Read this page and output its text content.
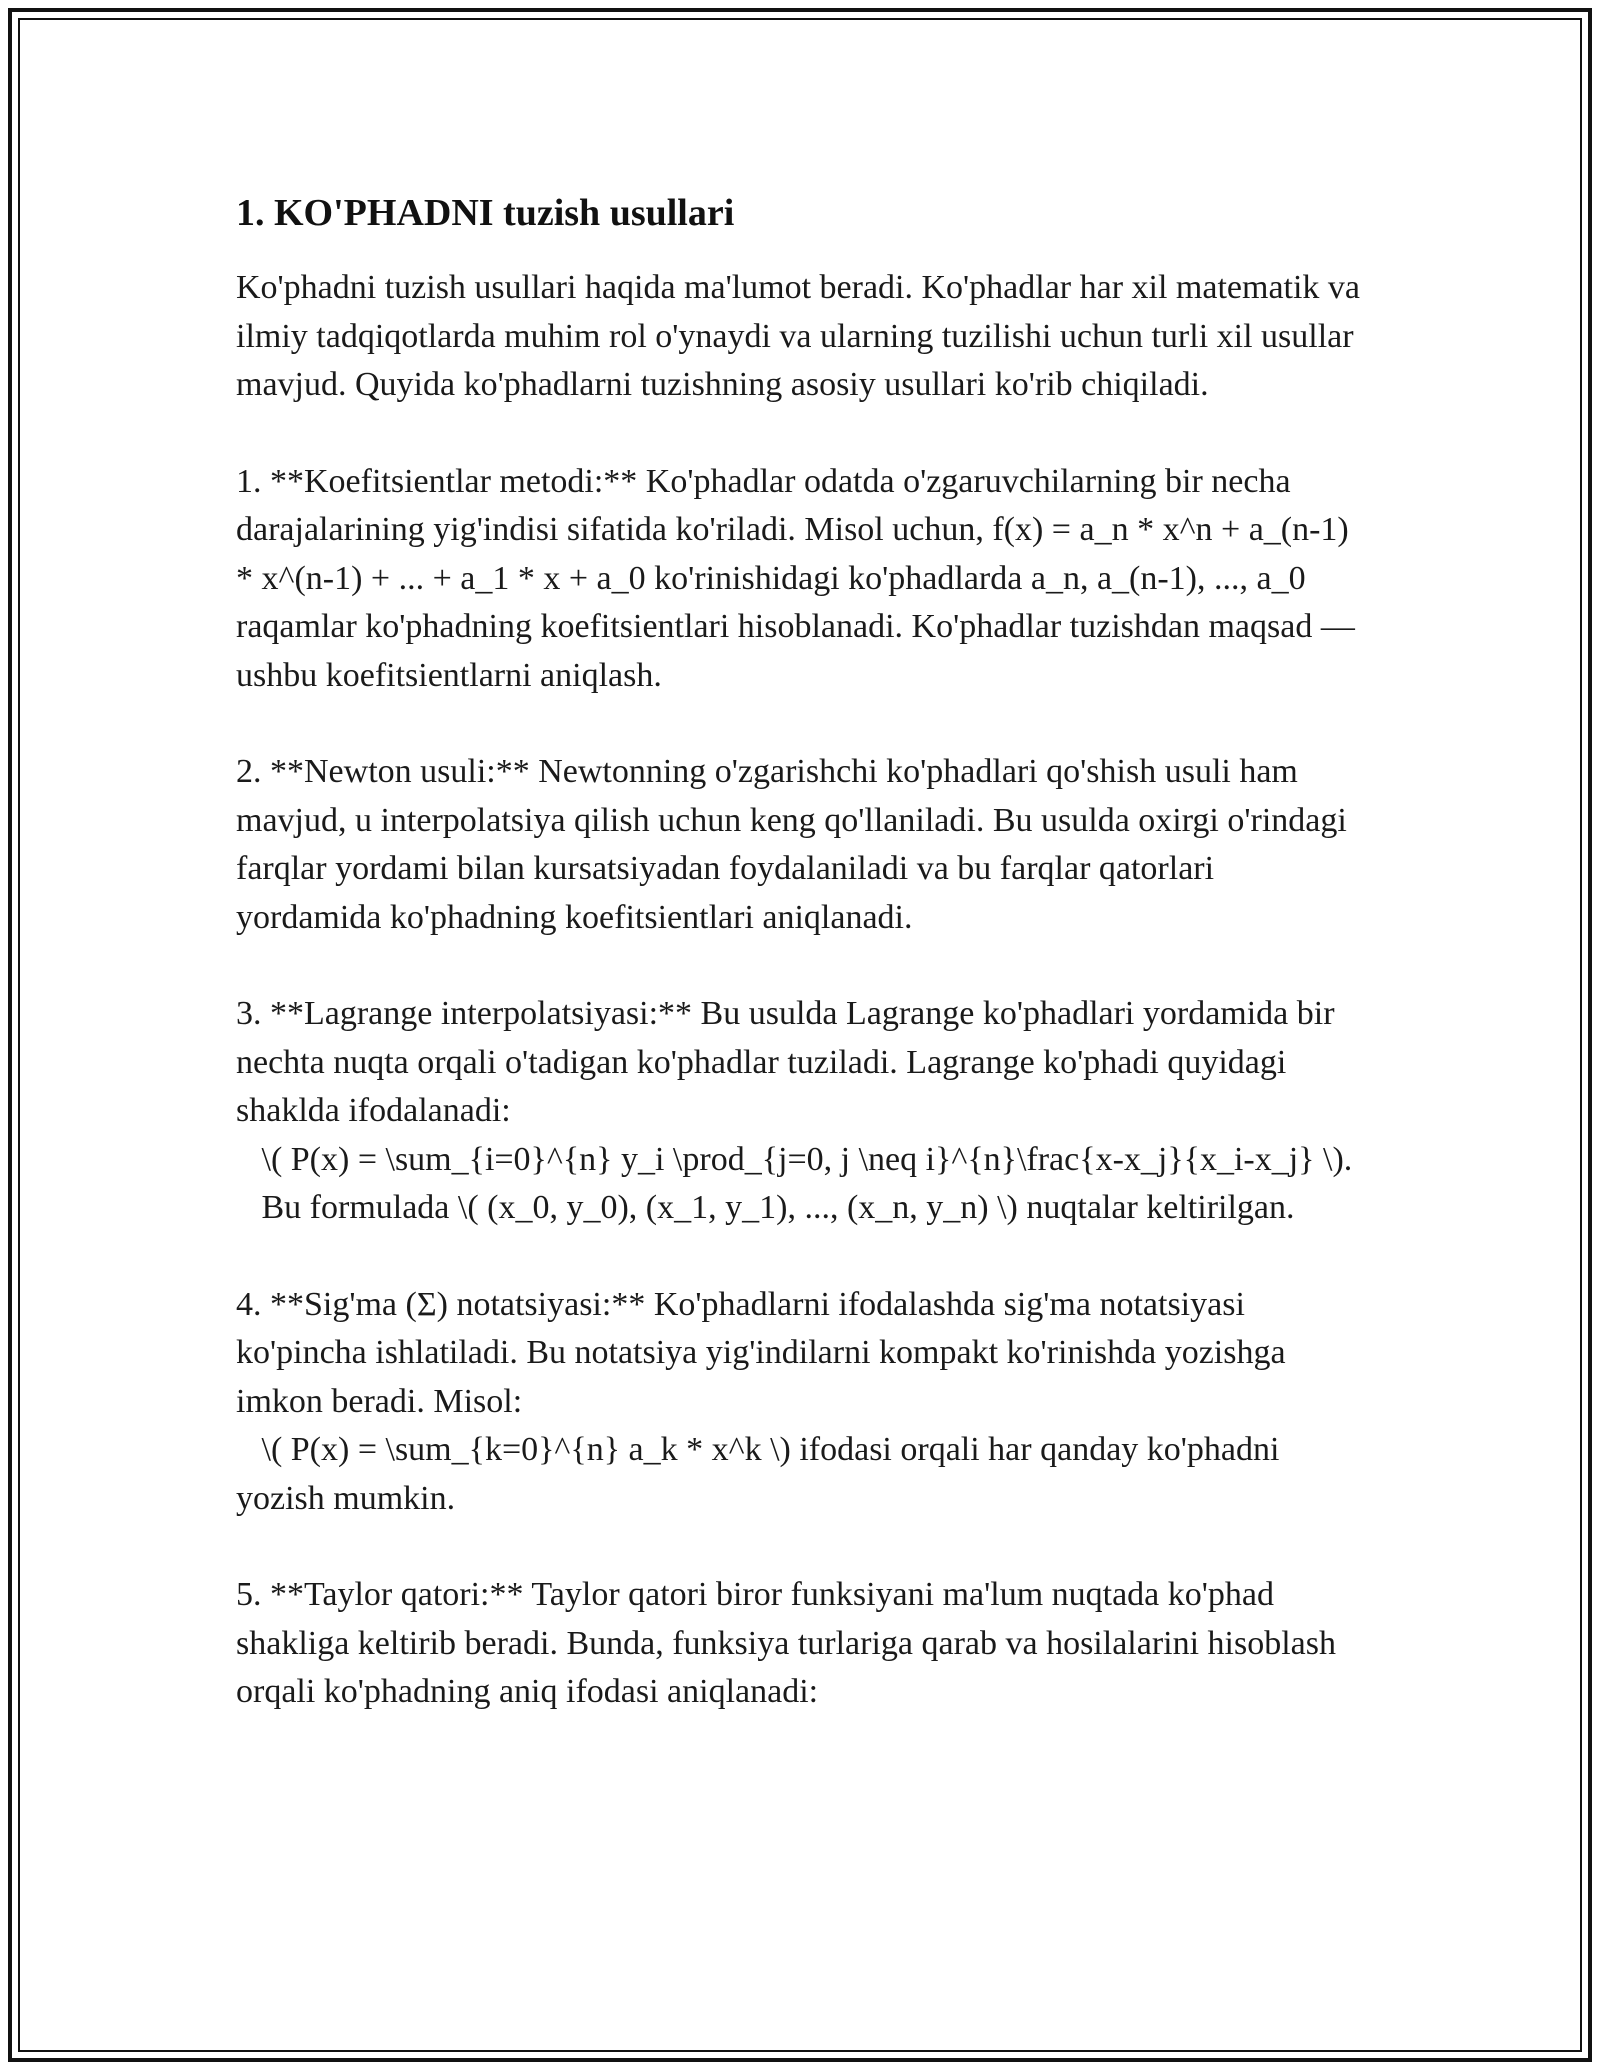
1. KO'PHADNI tuzish usullari

Ko'phadni tuzish usullari haqida ma'lumot beradi. Ko'phadlar har xil matematik va ilmiy tadqiqotlarda muhim rol o'ynaydi va ularning tuzilishi uchun turli xil usullar mavjud. Quyida ko'phadlarni tuzishning asosiy usullari ko'rib chiqiladi.

1. **Koefitsientlar metodi:** Ko'phadlar odatda o'zgaruvchilarning bir necha darajalarining yig'indisi sifatida ko'riladi. Misol uchun, f(x) = a_n * x^n + a_(n-1) * x^(n-1) + ... + a_1 * x + a_0 ko'rinishidagi ko'phadlarda a_n, a_(n-1), ..., a_0 raqamlar ko'phadning koefitsientlari hisoblanadi. Ko'phadlar tuzishdan maqsad — ushbu koefitsientlarni aniqlash.

2. **Newton usuli:** Newtonning o'zgarishchi ko'phadlari qo'shish usuli ham mavjud, u interpolatsiya qilish uchun keng qo'llaniladi. Bu usulda oxirgi o'rindagi farqlar yordami bilan kursatsiyadan foydalaniladi va bu farqlar qatorlari yordamida ko'phadning koefitsientlari aniqlanadi.

3. **Lagrange interpolatsiyasi:** Bu usulda Lagrange ko'phadlari yordamida bir nechta nuqta orqali o'tadigan ko'phadlar tuziladi. Lagrange ko'phadi quyidagi shaklda ifodalanadi:
\( P(x) = \sum_{i=0}^{n} y_i \prod_{j=0, j \neq i}^{n}\frac{x-x_j}{x_i-x_j} \).
Bu formulada \( (x_0, y_0), (x_1, y_1), ..., (x_n, y_n) \) nuqtalar keltirilgan.

4. **Sig'ma (Σ) notatsiyasi:** Ko'phadlarni ifodalashda sig'ma notatsiyasi ko'pincha ishlatiladi. Bu notatsiya yig'indilarni kompakt ko'rinishda yozishga imkon beradi. Misol:
\( P(x) = \sum_{k=0}^{n} a_k * x^k \) ifodasi orqali har qanday ko'phadni yozish mumkin.

5. **Taylor qatori:** Taylor qatori biror funksiyani ma'lum nuqtada ko'phad shakliga keltirib beradi. Bunda, funksiya turlariga qarab va hosilalarini hisoblash orqali ko'phadning aniq ifodasi aniqlanadi:
